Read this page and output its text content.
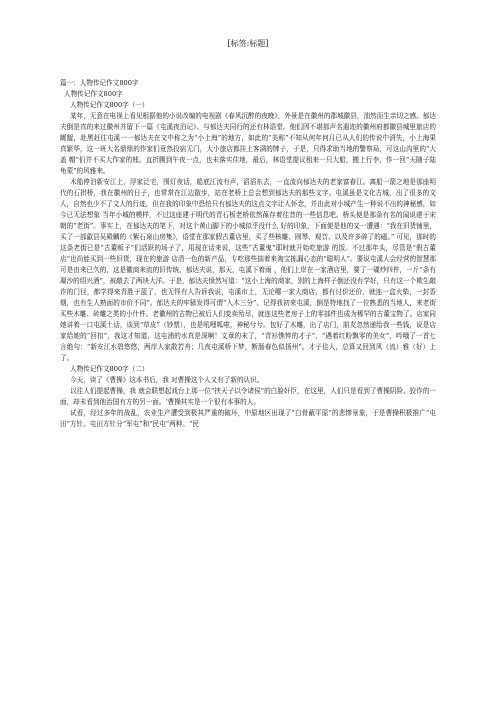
[标签:标题]
篇一：人物传记作文800字
人物传记作文800字
人物传记作文800字（一）

某年，无意在电视上看见根据他的小说改编的电视剧《春风沉醉的夜晚》，外景是在徽州的郡城徽县，油然而生亲切之感。郁达夫倒是真的来过徽州并留下一篇《屯溪夜泊记》。与郁达夫同行的还有林语堂。他们因不堪那声名遐迩的徽州府都徽县城里旅店的龌龊，赴黑赶往屯溪一一郁达夫在文中称之为“小上海”的地方，如此的“美称”不知从何年何月已从人们的传说中消失，小上海果真繁华，这一班大名鼎鼎的作家们竟然投宿无门，大小旅店都挂上客满的牌子，于是，只得求助当地的警察局，可这山沟里的“大 盖 帽”们并不买大作家的账。直折腾到午夜一点，也未落实住地，最后，林语堂提议租来一只大船，搬上行李，作一回“天随子陆龟蒙”的风雅来。

木船停泊新安江上，浮家泛宅，围灯夜话，船底江流有声，滔滔东去，一直流向郁达夫的老家富春江。离船一箭之地是那座明代的石拱桥，我在徽州的日子，也常常在江边散步，站在老桥上总会想到郁达夫的那些文字。屯溪虽是文化古城，出了很多的文人，自然也少不了文人的行迹，但在我的印象中恐怕只有郁达夫的这点文字让人怀念，并由此对小城产生一种说不出的神秘感，如今已无法想象 当年小城的模样，不过这座建于明代的青石板老桥依然葆存着往昔的一些信息吧。桥头便是那条有名的闻说建于宋朝的“老街”。事实上，在郁达夫的笔下，对这个黄山脚下的小城似乎没什么 好的印象，下面便是他的又一遭遇：“我在旧货铺里，买了一部歙县吴殿麟的《紫石泉山房集》，语堂在那家假古董店里，买了些核雕、圆琴、观音、以及许多碎了的磁。” 可见，那时的这条老街已是“古董贩子”们活跃的场子了，用现在话来说，这些“古董鬼”耶时就开始吃旅游 的饭。不过那年头，尽管是“假古董店”也尚能买到一些旧货，现在的旅游 店清一色的新产品，专吃那些揣着来淘宝拣漏心态的“聪明人”。要说屯溪人会经营的智慧那可是由来已久的，这是徽商来流的旧传统，郁达夫说，那天，屯溪下着雨 ，他们上岸在一家酒店里，要了一碟炒四件，一斤“条有凝沙的绍兴酒”，被敲去了两块大洋。于是，郁达夫愤然写道：“这小上海的商家，别的上海样子倒还没有学好，只有这一个欺生敲诈的门径，都学得来青胜于蓝了，也无怪有人告诉我说，屯溪市上，无论哪一家大商店，都有讨价还价，就连一盒火柴，一封香烟，也有生人熟面的市价不同”。郁达夫的牢骚发得可谓“入木三分”。记得我初来屯溪，倒是特地找了一位熟悉的当地人，来老街买些木雕、砖雕之类的小什件。老徽州的古物已被后人们变卖殆尽，就连这些老房子上的零部件也成为稀罕的古董宝物了。店家同她讲着一口屯溪土话，谈到“草皮”（钞票），也是吼哩呱啦，神秘兮兮。包好了木雕，出了店门，朋友忽然递给我一些钱，说是店家给她的“回扣”，我这才知道，这屯浦的水真是深啊！文章的末了，“青衫憔悴的才子”，“遇着红粉飘零的美女”，吟哦了一首七言绝句：“新安江水碧悠悠，两岸人家散若舟；几夜屯溪桥下梦，断肠春色似扬州”。才子佳人，总算又回到风（流）雅（好）上了。

人物传记作文800字（二）

今天，读了《曹操》这本书后，我 对曹操这个人又有了新的认识。

以往人们提起曹操，我 就会联想起戏台上那一位“挟天子以令诸侯”的白脸奸臣，在这里，人们只是看到了曹操阴险、狡诈的一面，却未看到他治国有方的另一面。‘曹操其实是一个很有本事的人。

试看，经过多年的战乱，农业生产遭受到极其严重的破坏，中原地区出现了“白骨蔽平原”的悲惨景象，于是曹操积极推广“屯田”方针。屯田方针分“军屯”和“民屯”两种。“民
